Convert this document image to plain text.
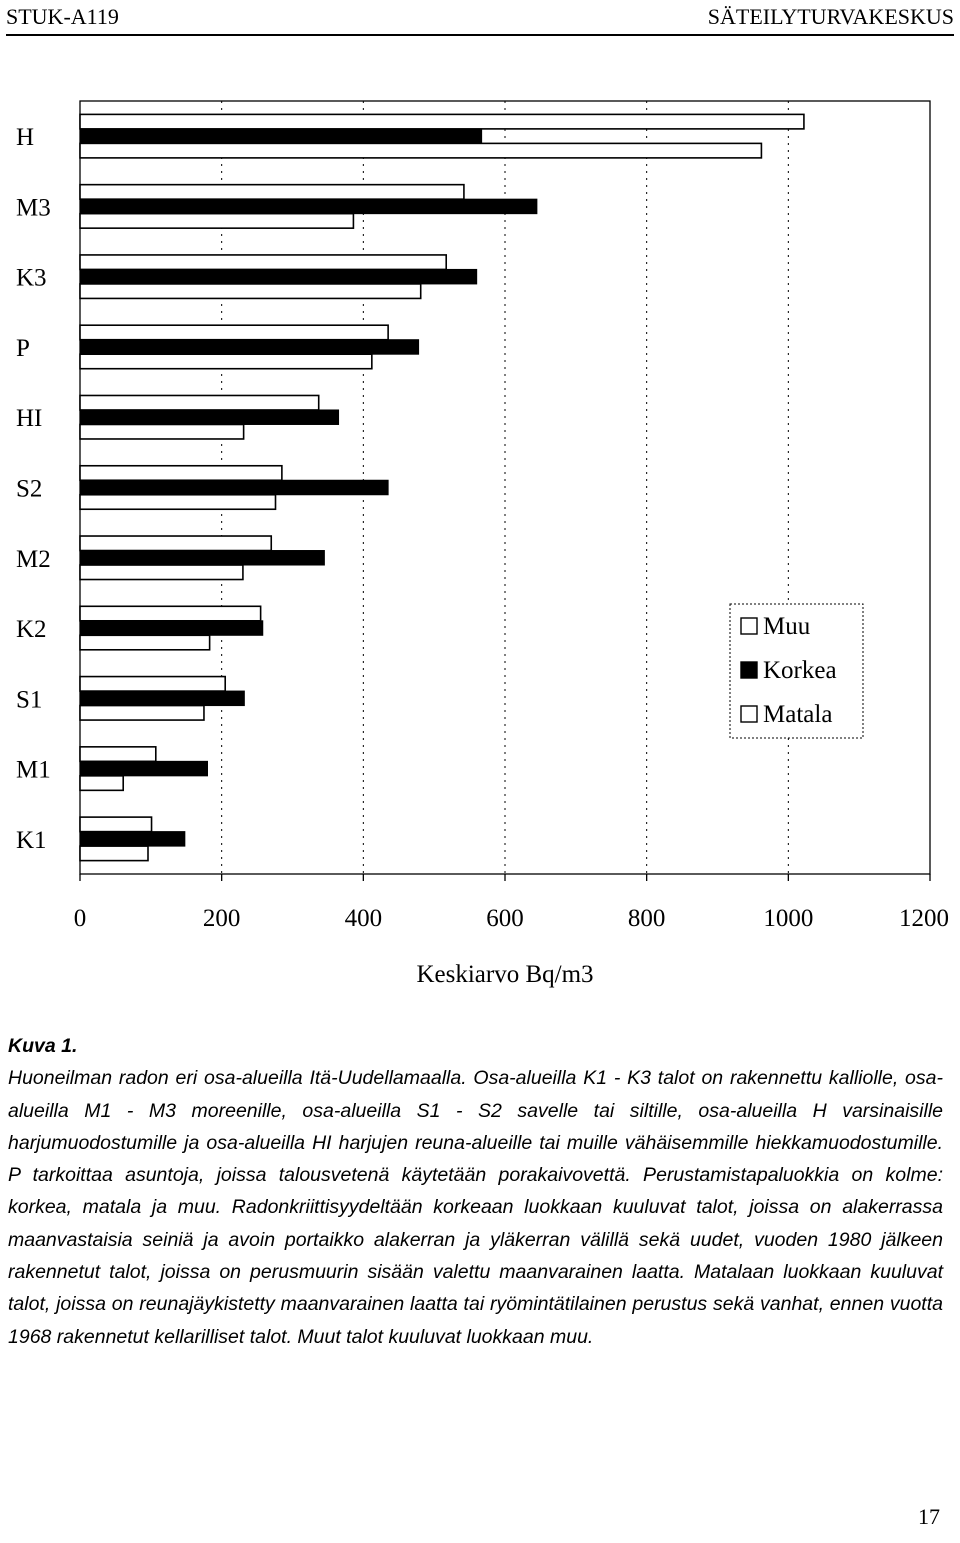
STUK-A119	SÄTEILYTURVAKESKUS
H
M3
K3
P
HI
S2
M2
K2
S1
M1
K1
0	200	400	600	800	1000	1200
Keskiarvo Bq/m3
Muu
Korkea
Matala
Kuva 1.
Huoneilman radon eri osa-alueilla Itä-Uudellamaalla. Osa-alueilla K1 - K3 talot on rakennettu kalliolle, osa-alueilla M1 - M3 moreenille, osa-alueilla S1 - S2 savelle tai siltille, osa-alueilla H varsinaisille harjumuodostumille ja osa-alueilla HI harjujen reuna-alueille tai muille vähäisemmille hiekkamuodostumille. P tarkoittaa asuntoja, joissa talousvetenä käytetään porakaivovettä. Perustamistapaluokkia on kolme: korkea, matala ja muu. Radonkriittisyydeltään korkeaan luokkaan kuuluvat talot, joissa on alakerrassa maanvastaisia seiniä ja avoin portaikko alakerran ja yläkerran välillä sekä uudet, vuoden 1980 jälkeen rakennetut talot, joissa on perusmuurin sisään valettu maanvarainen laatta. Matalaan luokkaan kuuluvat talot, joissa on reunajäykistetty maanvarainen laatta tai ryömintätilainen perustus sekä vanhat, ennen vuotta 1968 rakennetut kellarilliset talot. Muut talot kuuluvat luokkaan muu.
17
